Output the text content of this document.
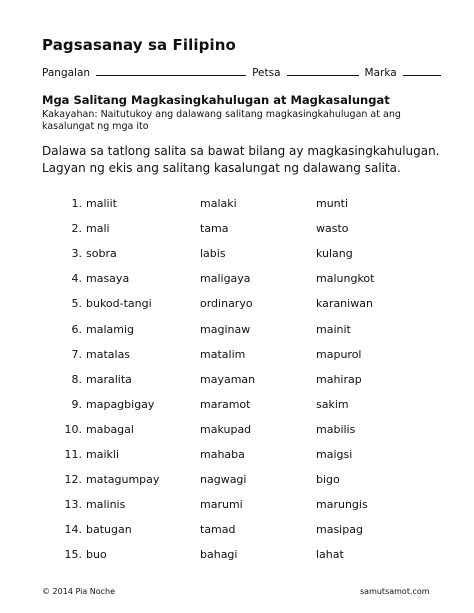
Pagsasanay sa Filipino
Pangalan	Petsa	Marka
Mga Salitang Magkasingkahulugan at Magkasalungat
Kakayahan: Naitutukoy ang dalawang salitang magkasingkahulugan at ang kasalungat ng mga ito
Dalawa sa tatlong salita sa bawat bilang ay magkasingkahulugan. Lagyan ng ekis ang salitang kasalungat ng dalawang salita.
1. maliit	malaki	munti
2. mali	tama	wasto
3. sobra	labis	kulang
4. masaya	maligaya	malungkot
5. bukod-tangi	ordinaryo	karaniwan
6. malamig	maginaw	mainit
7. matalas	matalim	mapurol
8. maralita	mayaman	mahirap
9. mapagbigay	maramot	sakim
10. mabagal	makupad	mabilis
11. maikli	mahaba	maigsi
12. matagumpay	nagwagi	bigo
13. malinis	marumi	marungis
14. batugan	tamad	masipag
15. buo	bahagi	lahat
© 2014 Pia Noche	samutsamot.com
